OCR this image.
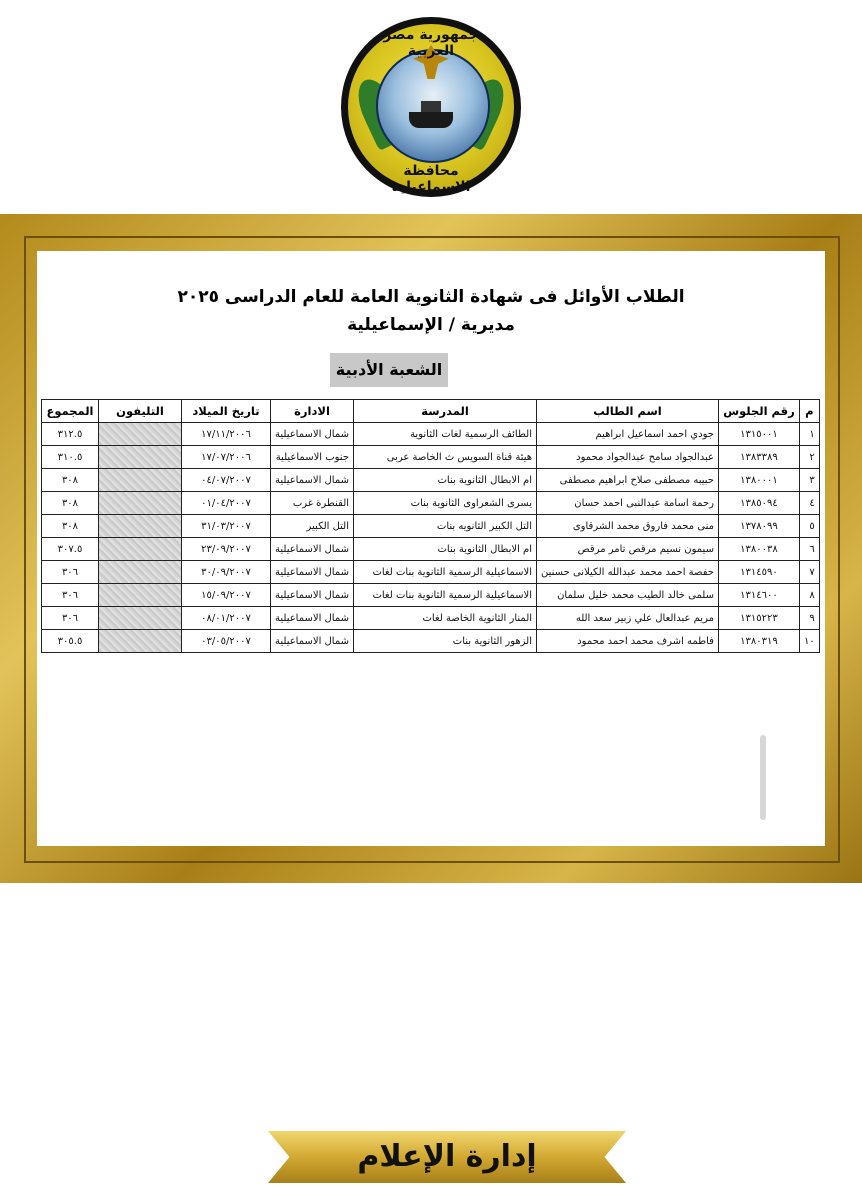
جمهورية مصر العربية
محافظة الاسماعيلية
الطلاب الأوائل فى شهادة الثانوية العامة للعام الدراسى ٢٠٢٥
مديرية / الإسماعيلية
الشعبة الأدبية
م	رقم الجلوس	اسم الطالب	المدرسة	الادارة	تاريخ الميلاد	التليفون	المجموع
١	١٣١٥٠٠١	جودي احمد اسماعيل ابراهيم	الطائف الرسمية لغات الثانوية	شمال الاسماعيلية	١٧/١١/٢٠٠٦		٣١٢.٥
٢	١٣٨٣٣٨٩	عبدالجواد سامح عبدالجواد محمود	هيئة قناة السويس ث الخاصة عربى	جنوب الاسماعيلية	١٧/٠٧/٢٠٠٦		٣١٠.٥
٣	١٣٨٠٠٠١	حبيبه مصطفى صلاح ابراهيم مصطفى	ام الابطال الثانوية بنات	شمال الاسماعيلية	٠٤/٠٧/٢٠٠٧		٣٠٨
٤	١٣٨٥٠٩٤	رحمة اسامة عبدالنبى احمد حسان	يسرى الشعراوى الثانوية بنات	القنطرة غرب	٠١/٠٤/٢٠٠٧		٣٠٨
٥	١٣٧٨٠٩٩	منى محمد فاروق محمد الشرقاوى	التل الكبير الثانويه بنات	التل الكبير	٣١/٠٣/٢٠٠٧		٣٠٨
٦	١٣٨٠٠٣٨	سيمون نسيم مرقص تامر مرقص	ام الابطال الثانوية بنات	شمال الاسماعيلية	٢٣/٠٩/٢٠٠٧		٣٠٧.٥
٧	١٣١٤٥٩٠	حفصة احمد محمد عبدالله الكيلانى حسنين	الاسماعيلية الرسمية الثانوية بنات لغات	شمال الاسماعيلية	٣٠/٠٩/٢٠٠٧		٣٠٦
٨	١٣١٤٦٠٠	سلمى خالد الطيب محمد خليل سلمان	الاسماعيلية الرسمية الثانوية بنات لغات	شمال الاسماعيلية	١٥/٠٩/٢٠٠٧		٣٠٦
٩	١٣١٥٢٢٣	مريم عبدالعال علي زبير سعد الله	المنار الثانوية الخاصة لغات	شمال الاسماعيلية	٠٨/٠١/٢٠٠٧		٣٠٦
١٠	١٣٨٠٣١٩	فاطمه اشرف محمد احمد محمود	الزهور الثانوية بنات	شمال الاسماعيلية	٠٣/٠٥/٢٠٠٧		٣٠٥.٥
إدارة الإعلام
